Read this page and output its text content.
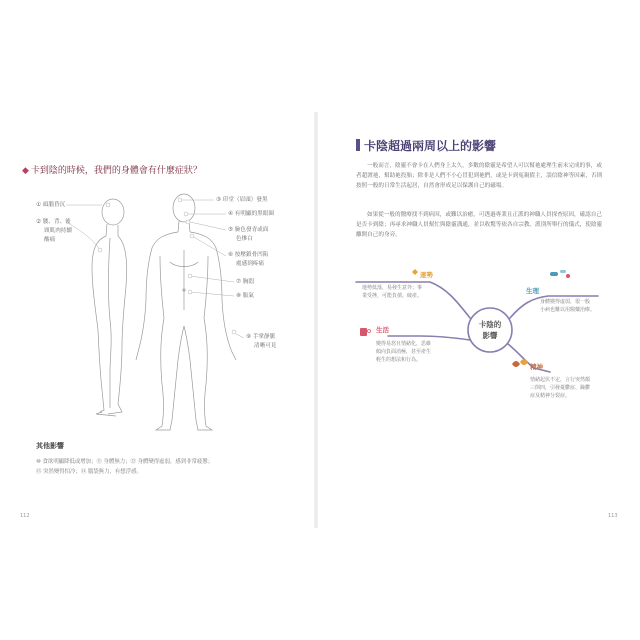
◆ 卡到陰的時候，我們的身體會有什麼症狀？
① 頭腦昏沉
② 腰、背、後
頸肌肉持續
酸痛
③ 印堂（眉頭）發黑
④ 有明顯的黑眼圈
⑤ 臉色發青或面
色慘白
⑥ 按壓鎖骨凹陷
處感到疼痛
⑦ 胸悶
⑧ 脹氣
⑨ 手掌靜脈
清晰可見
其他影響
⑩ 食欲明顯降低或增加；⑪ 身體無力；⑫ 身體變得虛弱，感到非常疲憊；
⑬ 突然變得怕冷；⑭ 腦袋無力，有想浮感。
112
卡陰超過兩周以上的影響
一般而言，陰靈不會卡在人們身上太久，多數的陰靈是希望人可以幫祂處理生前未完成的事，或者超渡祂，幫助祂投胎；除非是人們不小心冒犯到祂們，或是卡到冤親債主，誤信陰神等因素，否則按照一般的日常生活起居，自然會形成足以保護自己的磁場。
如果從一般的醫療找不到病因，或難以治癒，可透過專業且正派的神職人員探查原因，確認自己是否卡到陰；再尋求神職人員幫忙與陰靈溝通，並以收驚等依各自宗教、派別所舉行的儀式，使陰靈離開自己的身旁。
卡陰的
影響
運勢
運勢低落，易發生意外；事
業受挫，可能負債、破產。
生理
身體變得虛弱，很一般
小病也難以用醫藥治療。
生活
變得易怒且情緒化，思維
傾向負面消極，甚至產生
輕生的想法和行為。
精神
情緒起伏不定，言行突然顛
三倒四，引發憂鬱症、躁鬱
症及精神分裂症。
113
